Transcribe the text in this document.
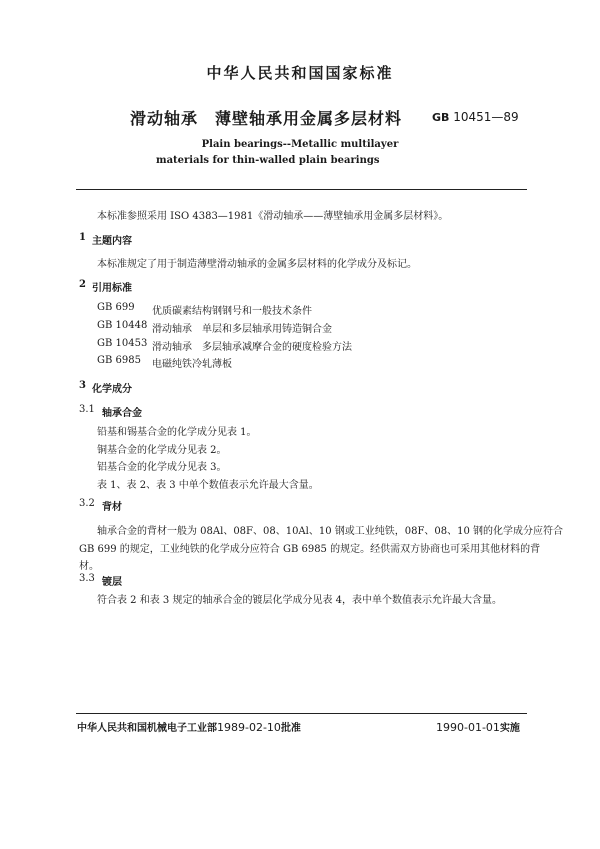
中华人民共和国国家标准
滑动轴承　薄壁轴承用金属多层材料	GB 10451—89
Plain bearings--Metallic multilayer
materials for thin-walled plain bearings
本标准参照采用 ISO 4383—1981《滑动轴承——薄壁轴承用金属多层材料》。
1 主题内容
本标准规定了用于制造薄壁滑动轴承的金属多层材料的化学成分及标记。
2 引用标准
GB 699 优质碳素结构钢钢号和一般技术条件
GB 10448 滑动轴承　单层和多层轴承用铸造铜合金
GB 10453 滑动轴承　多层轴承减摩合金的硬度检验方法
GB 6985 电磁纯铁冷轧薄板
3 化学成分
3.1 轴承合金
铅基和锡基合金的化学成分见表 1。
铜基合金的化学成分见表 2。
铝基合金的化学成分见表 3。
表 1、表 2、表 3 中单个数值表示允许最大含量。
3.2 背材
轴承合金的背材一般为 08Al、08F、08、10Al、10 钢或工业纯铁，08F、08、10 钢的化学成分应符合
GB 699 的规定，工业纯铁的化学成分应符合 GB 6985 的规定。经供需双方协商也可采用其他材料的背
材。
3.3 镀层
符合表 2 和表 3 规定的轴承合金的镀层化学成分见表 4，表中单个数值表示允许最大含量。
中华人民共和国机械电子工业部1989-02-10批准	1990-01-01实施
